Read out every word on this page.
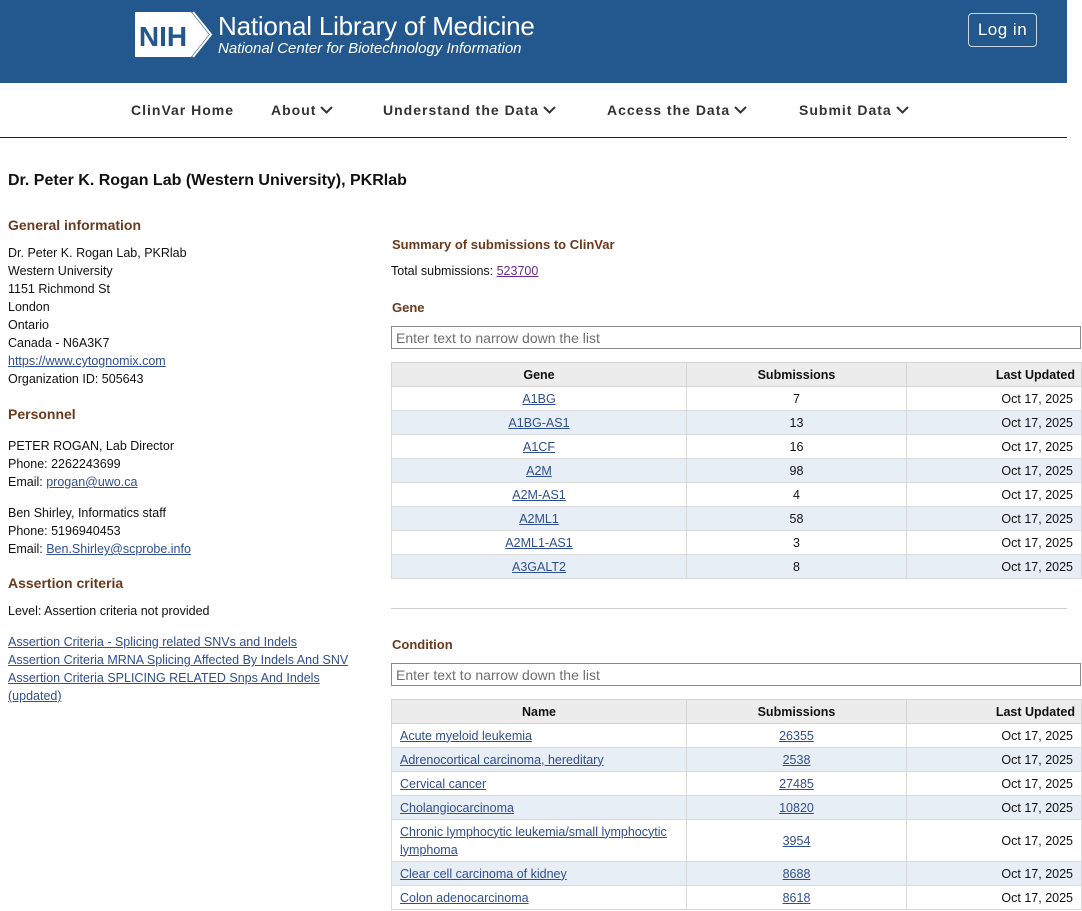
NIH National Library of Medicine
National Center for Biotechnology Information
Log in
ClinVar Home	About	Understand the Data	Access the Data	Submit Data
Dr. Peter K. Rogan Lab (Western University), PKRlab
General information
Dr. Peter K. Rogan Lab, PKRlab
Western University
1151 Richmond St
London
Ontario
Canada - N6A3K7
https://www.cytognomix.com
Organization ID: 505643
Personnel
PETER ROGAN, Lab Director
Phone: 2262243699
Email: progan@uwo.ca
Ben Shirley, Informatics staff
Phone: 5196940453
Email: Ben.Shirley@scprobe.info
Assertion criteria
Level: Assertion criteria not provided
Assertion Criteria - Splicing related SNVs and Indels
Assertion Criteria MRNA Splicing Affected By Indels And SNV
Assertion Criteria SPLICING RELATED Snps And Indels
(updated)
Summary of submissions to ClinVar
Total submissions: 523700
Gene
Enter text to narrow down the list
Gene	Submissions	Last Updated
A1BG	7	Oct 17, 2025
A1BG-AS1	13	Oct 17, 2025
A1CF	16	Oct 17, 2025
A2M	98	Oct 17, 2025
A2M-AS1	4	Oct 17, 2025
A2ML1	58	Oct 17, 2025
A2ML1-AS1	3	Oct 17, 2025
A3GALT2	8	Oct 17, 2025
Condition
Enter text to narrow down the list
Name	Submissions	Last Updated
Acute myeloid leukemia	26355	Oct 17, 2025
Adrenocortical carcinoma, hereditary	2538	Oct 17, 2025
Cervical cancer	27485	Oct 17, 2025
Cholangiocarcinoma	10820	Oct 17, 2025
Chronic lymphocytic leukemia/small lymphocytic lymphoma	3954	Oct 17, 2025
Clear cell carcinoma of kidney	8688	Oct 17, 2025
Colon adenocarcinoma	8618	Oct 17, 2025
